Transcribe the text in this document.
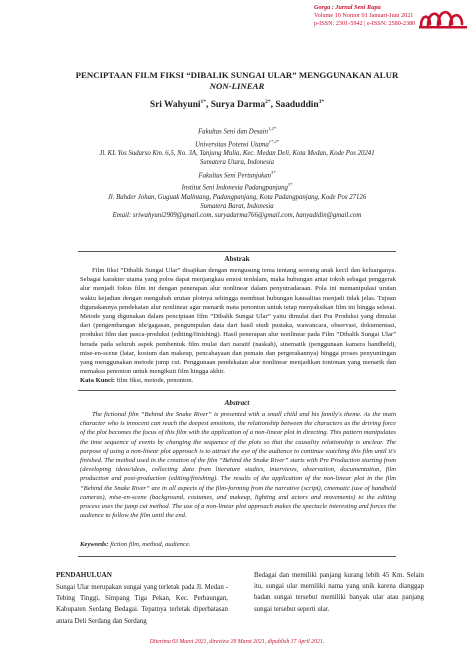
Gorga : Jurnal Seni Rupa
Volume 10 Nomor 01 Januari-Juni 2021
p-ISSN: 2301-5942 | e-ISSN: 2580-2380
PENCIPTAAN FILM FIKSI “DIBALIK SUNGAI ULAR” MENGGUNAKAN ALUR
NON-LINEAR
Sri Wahyuni$^{1*}$, Surya Darma$^{2*}$, Saaduddin$^{3*}$
Fakultas Seni dan Desain$^{1,2*}$
Universitas Potensi Utama$^{1*,2*}$
Jl. KL Yos Sudarso Km. 6,5, No. 3A, Tanjung Mulia, Kec. Medan Deli, Kota Medan, Kode Pos 20241
Sumatera Utara, Indonesia
Fakultas Seni Pertunjukan$^{3*}$
Institut Seni Indonesia Padangpanjang$^{3*}$
Jl. Bahder Johan, Guguak Malintang, Padangpanjang, Kota Padangpanjang, Kode Pos 27126
Sumatera Barat, Indonesia
Email: sriwahyuni2909@gmail.com, suryadarma766@gmail.com, hanyadidin@gmail.com
Abstrak
Film fiksi “Dibalik Sungai Ular” disajikan dengan mengusung tema tentang seorang anak kecil dan keluarganya. Sebagai karakter utama yang polos dapat menjangkau emosi terdalam, maka hubungan antar tokoh sebagai penggerak alur menjadi fokus film ini dengan penerapan alur nonlinear dalam penyutradaraan. Pola ini memanipulasi urutan waktu kejadian dengan mengubah urutan plotnya sehingga membuat hubungan kausalitas menjadi tidak jelas. Tujuan digunakannya pendekatan alur nonlinear agar menarik mata penonton untuk tetap menyaksikan film ini hingga selesai. Metode yang digunakan dalam penciptaan film “Dibalik Sungai Ular” yaitu dimulai dari Pra Produksi yang dimulai dari (pengembangan ide/gagasan, pengumpulan data dari hasil studi pustaka, wawancara, observasi, dokumentasi, produksi film dan pasca-produksi (editing/finishing). Hasil penerapan alur nonlinear pada Film “Dibalik Sungai Ular” berada pada seluruh aspek pembentuk film mulai dari naratif (naskah), sinematik (penggunaan kamera handheld), mise-en-scene (latar, kostum dan makeup, pencahayaan dan pemain dan pergerakannya) hingga proses penyuntingan yang menggunakan metode jump cut. Penggunaan pendekatan alur nonlinear menjadikan tontonan yang menarik dan memaksa penonton untuk mengikuti film hingga akhir.
Kata Kunci: film fiksi, metode, penonton.
Abstract
The fictional film “Behind the Snake River” is presented with a small child and his family's theme. As the main character who is innocent can reach the deepest emotions, the relationship between the characters as the driving force of the plot becomes the focus of this film with the application of a non-linear plot in directing. This pattern manipulates the time sequence of events by changing the sequence of the plots so that the causality relationship is unclear. The purpose of using a non-linear plot approach is to attract the eye of the audience to continue watching this film until it's finished. The method used in the creation of the film “Behind the Snake River” starts with Pre Production starting from (developing ideas/ideas, collecting data from literature studies, interviews, observation, documentation, film production and post-production (editing/finishing). The results of the application of the non-linear plot in the film “Behind the Snake River” are in all aspects of the film-forming from the narrative (script), cinematic (use of handheld cameras), mise-en-scene (background, costumes, and makeup, lighting and actors and movements) to the editing process uses the jump cut method. The use of a non-linear plot approach makes the spectacle interesting and forces the audience to follow the film until the end.
Keywords: fiction film, method, audience.
PENDAHULUAN
Sungai Ular merupakan sungai yang terletak pada Jl. Medan - Tebing Tinggi, Simpang Tiga Pekan, Kec. Perbaungan, Kabupaten Serdang Bedagai. Tepatnya terletak diperbatasan antara Deli Serdang dan Serdang
Bedagai dan memiliki panjang kurang lebih 45 Km. Selain itu, sungai ular memiliki nama yang unik karena dianggap badan sungai tersebut memiliki banyak ular atau panjang sungai tersebut seperti ular.
Diterima 03 Maret 2021, direview 29 Maret 2021, dipublish 17 April 2021.
